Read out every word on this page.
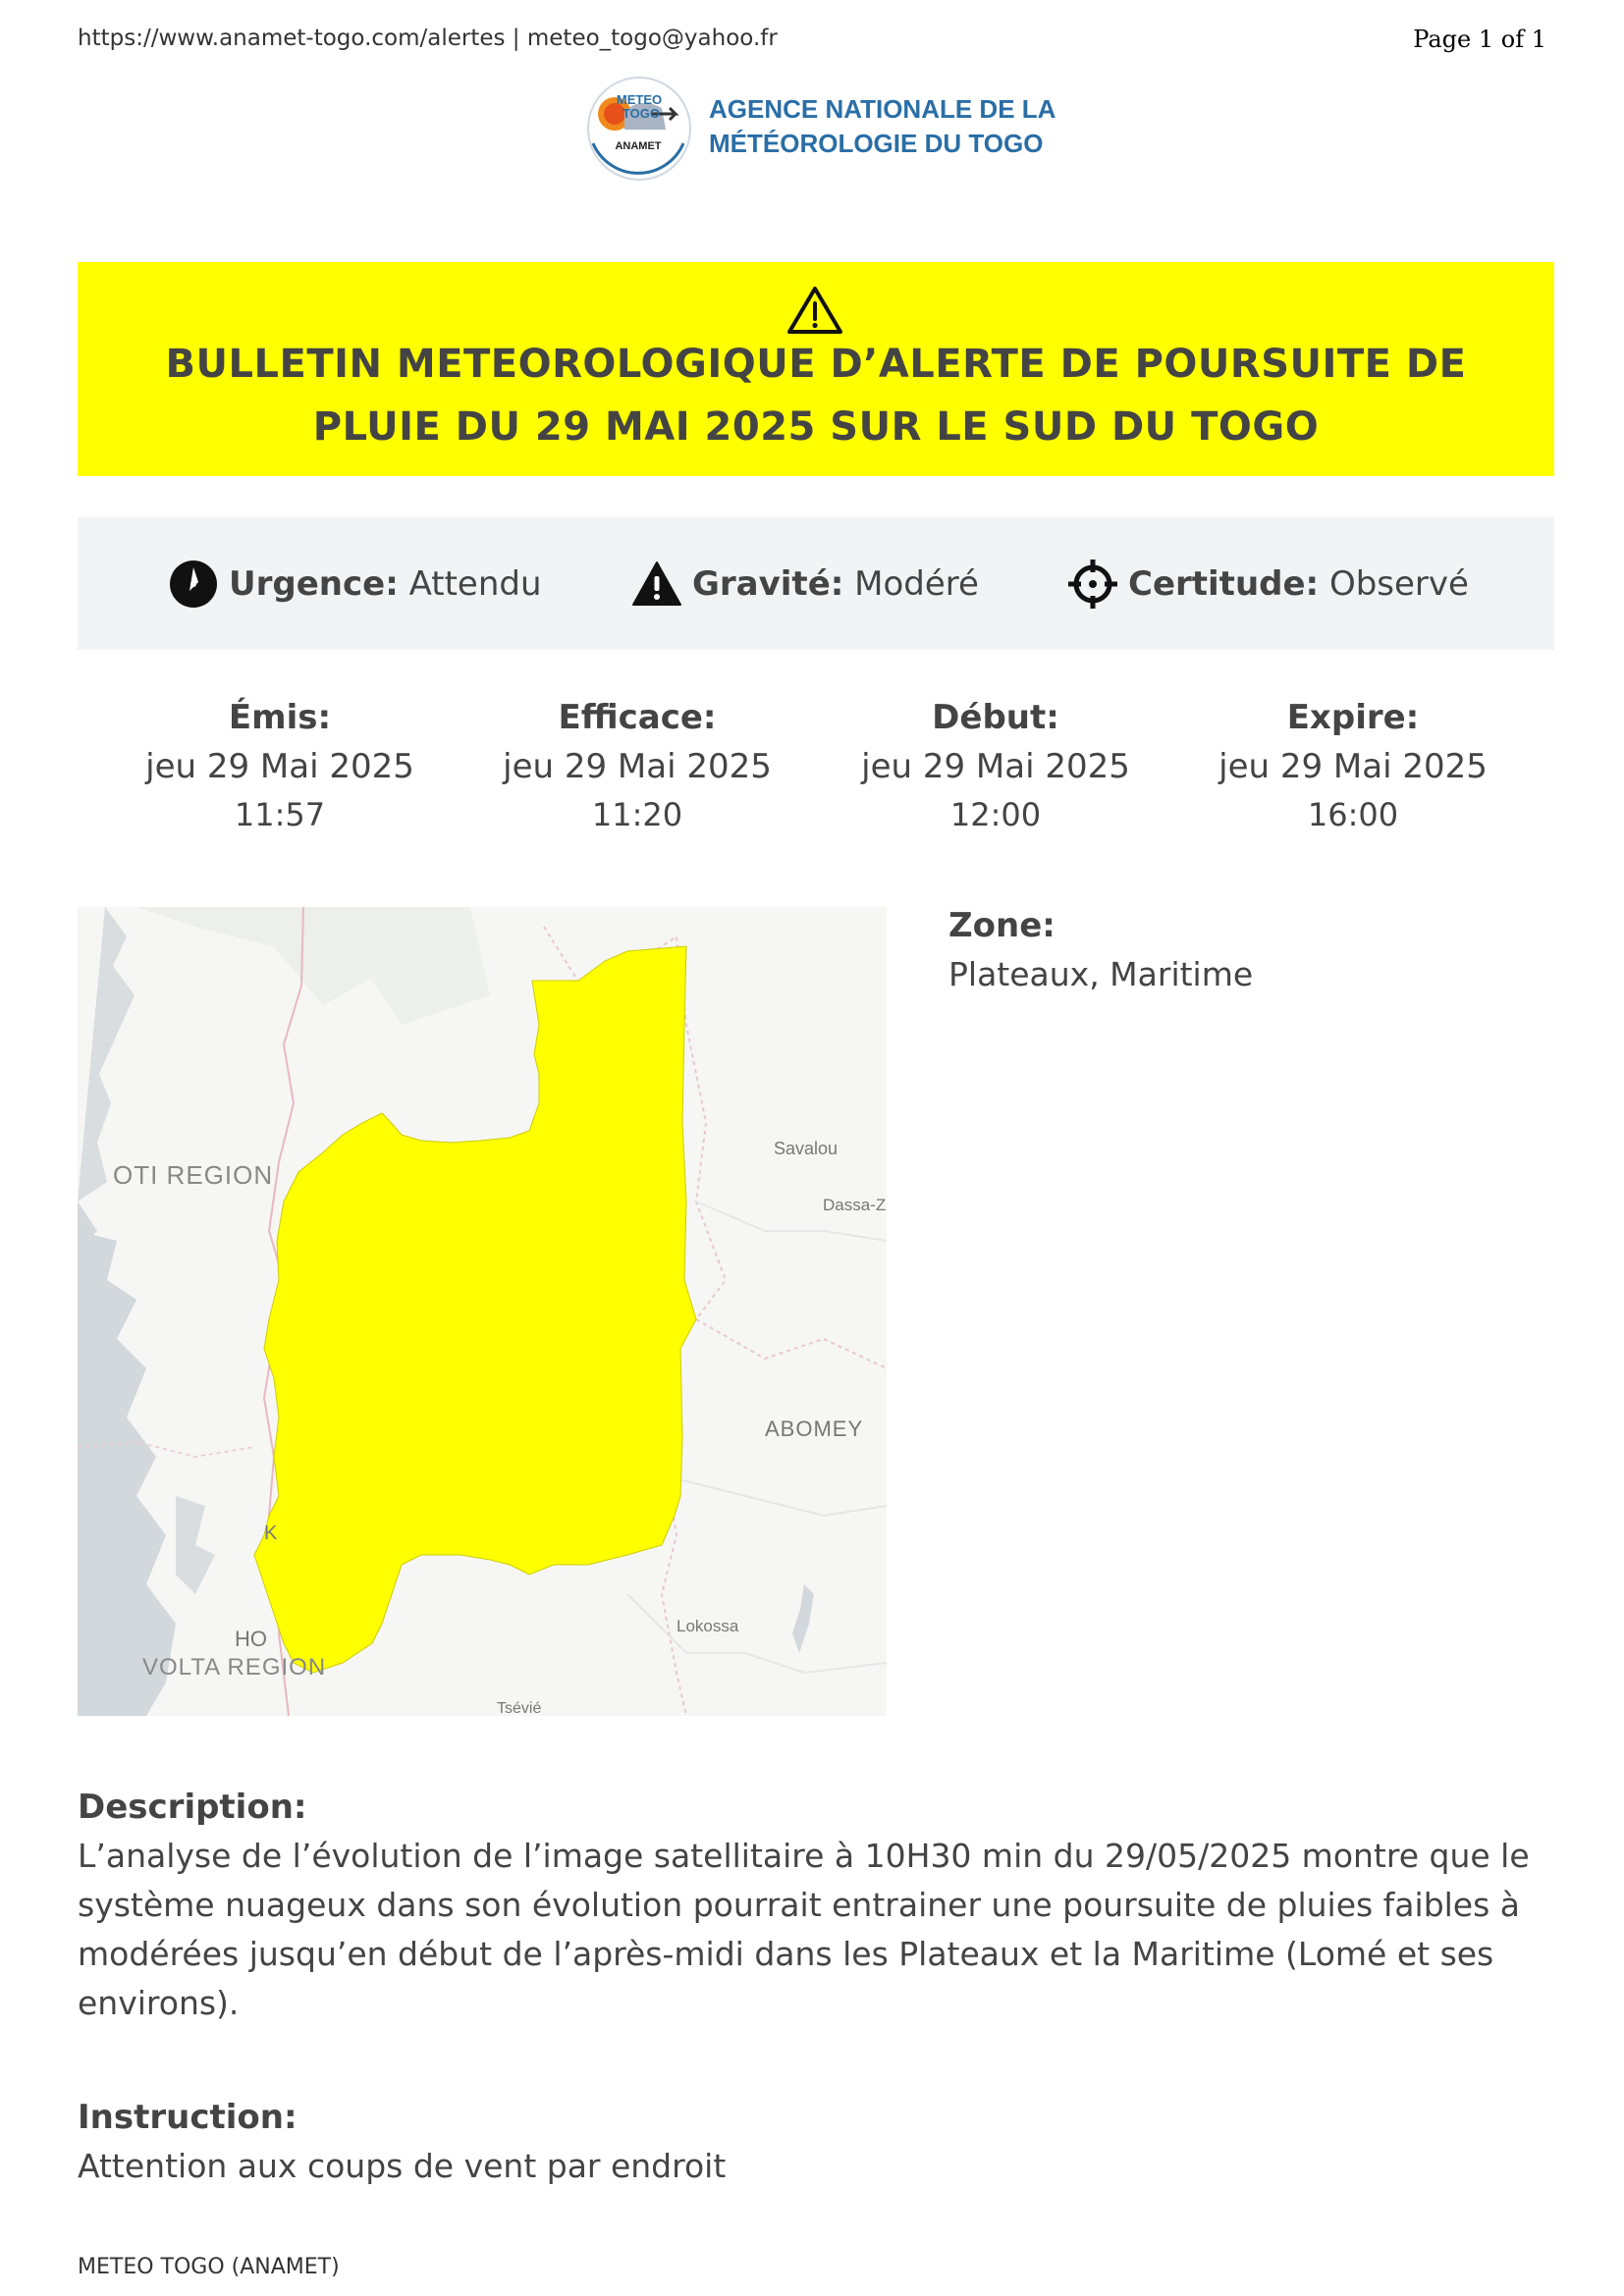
https://www.anamet-togo.com/alertes | meteo_togo@yahoo.fr	Page 1 of 1
METEO
TOGO
ANAMET
AGENCE NATIONALE DE LA
MÉTÉOROLOGIE DU TOGO
BULLETIN METEOROLOGIQUE D’ALERTE DE POURSUITE DE PLUIE DU 29 MAI 2025 SUR LE SUD DU TOGO
Urgence:
Attendu	Gravité:
Modéré	Certitude:
Observé
Émis:
jeu 29 Mai 2025
11:57
Efficace:
jeu 29 Mai 2025
11:20
Début:
jeu 29 Mai 2025
12:00
Expire:
jeu 29 Mai 2025
16:00
OTI REGION
Savalou
Dassa-Z
ABOMEY
Lokossa
HO
VOLTA REGION
Tsévié
K
Zone:
Plateaux, Maritime
Description:
L’analyse de l’évolution de l’image satellitaire à 10H30 min du 29/05/2025 montre que le système nuageux dans son évolution pourrait entrainer une poursuite de pluies faibles à modérées jusqu’en début de l’après-midi dans les Plateaux et la Maritime (Lomé et ses environs).
Instruction:
Attention aux coups de vent par endroit
METEO TOGO (ANAMET)
